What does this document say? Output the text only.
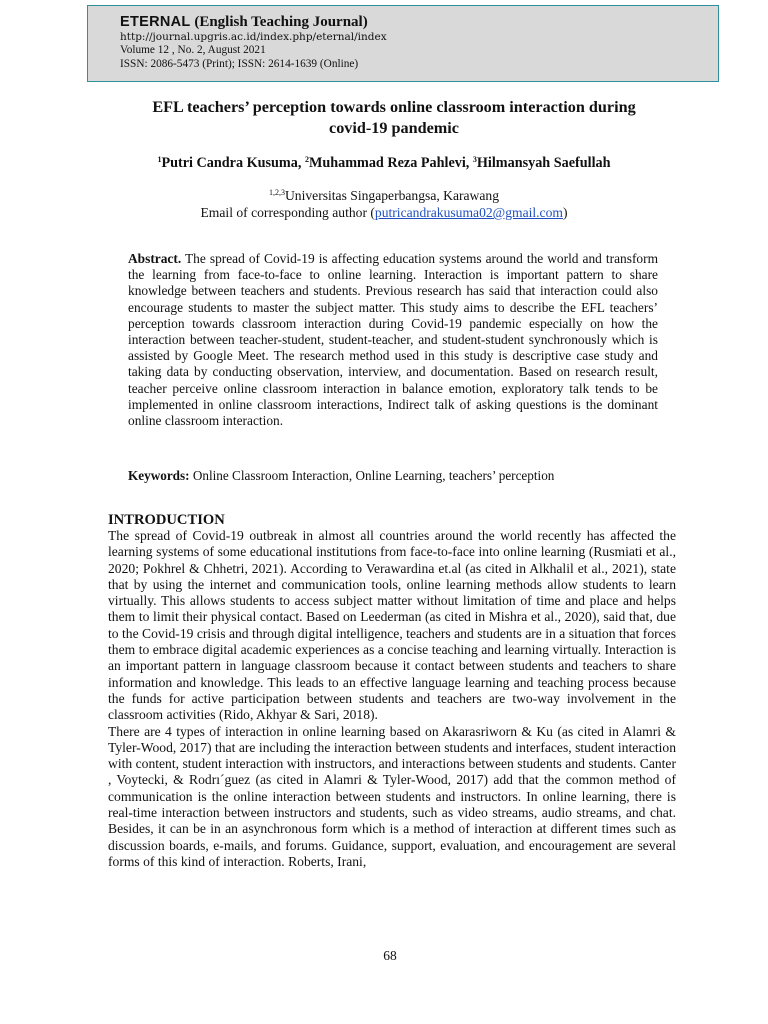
ETERNAL (English Teaching Journal)

http://journal.upgris.ac.id/index.php/eternal/index

Volume 12 , No. 2, August 2021

ISSN: 2086-5473 (Print); ISSN: 2614-1639 (Online)

EFL teachers’ perception towards online classroom interaction during
covid-19 pandemic

$^1$Putri Candra Kusuma, $^2$Muhammad Reza Pahlevi, $^3$Hilmansyah Saefullah

$^{1,2,3}$Universitas Singaperbangsa, Karawang
Email of corresponding author (putricandrakusuma02@gmail.com)

Abstract. The spread of Covid-19 is affecting education systems around the world and transform the learning from face-to-face to online learning. Interaction is important pattern to share knowledge between teachers and students. Previous research has said that interaction could also encourage students to master the subject matter. This study aims to describe the EFL teachers’ perception towards classroom interaction during Covid-19 pandemic especially on how the interaction between teacher-student, student-teacher, and student-student synchronously which is assisted by Google Meet. The research method used in this study is descriptive case study and taking data by conducting observation, interview, and documentation. Based on research result, teacher perceive online classroom interaction in balance emotion, exploratory talk tends to be implemented in online classroom interactions, Indirect talk of asking questions is the dominant online classroom interaction.

Keywords: Online Classroom Interaction, Online Learning, teachers’ perception

INTRODUCTION

The spread of Covid-19 outbreak in almost all countries around the world recently has affected the learning systems of some educational institutions from face-to-face into online learning (Rusmiati et al., 2020; Pokhrel & Chhetri, 2021). According to Verawardina et.al (as cited in Alkhalil et al., 2021), state that by using the internet and communication tools, online learning methods allow students to learn virtually. This allows students to access subject matter without limitation of time and place and helps them to limit their physical contact. Based on Leederman (as cited in Mishra et al., 2020), said that, due to the Covid-19 crisis and through digital intelligence, teachers and students are in a situation that forces them to embrace digital academic experiences as a concise teaching and learning virtually. Interaction is an important pattern in language classroom because it contact between students and teachers to share information and knowledge. This leads to an effective language learning and teaching process because the funds for active participation between students and teachers are two-way involvement in the classroom activities (Rido, Akhyar & Sari, 2018).

There are 4 types of interaction in online learning based on Akarasriworn & Ku (as cited in Alamri & Tyler-Wood, 2017) that are including the interaction between students and interfaces, student interaction with content, student interaction with instructors, and interactions between students and students. Canter , Voytecki, & Rodrı´guez (as cited in Alamri & Tyler-Wood, 2017) add that the common method of communication is the online interaction between students and instructors. In online learning, there is real-time interaction between instructors and students, such as video streams, audio streams, and chat. Besides, it can be in an asynchronous form which is a method of interaction at different times such as discussion boards, e-mails, and forums. Guidance, support, evaluation, and encouragement are several forms of this kind of interaction. Roberts, Irani,

68
